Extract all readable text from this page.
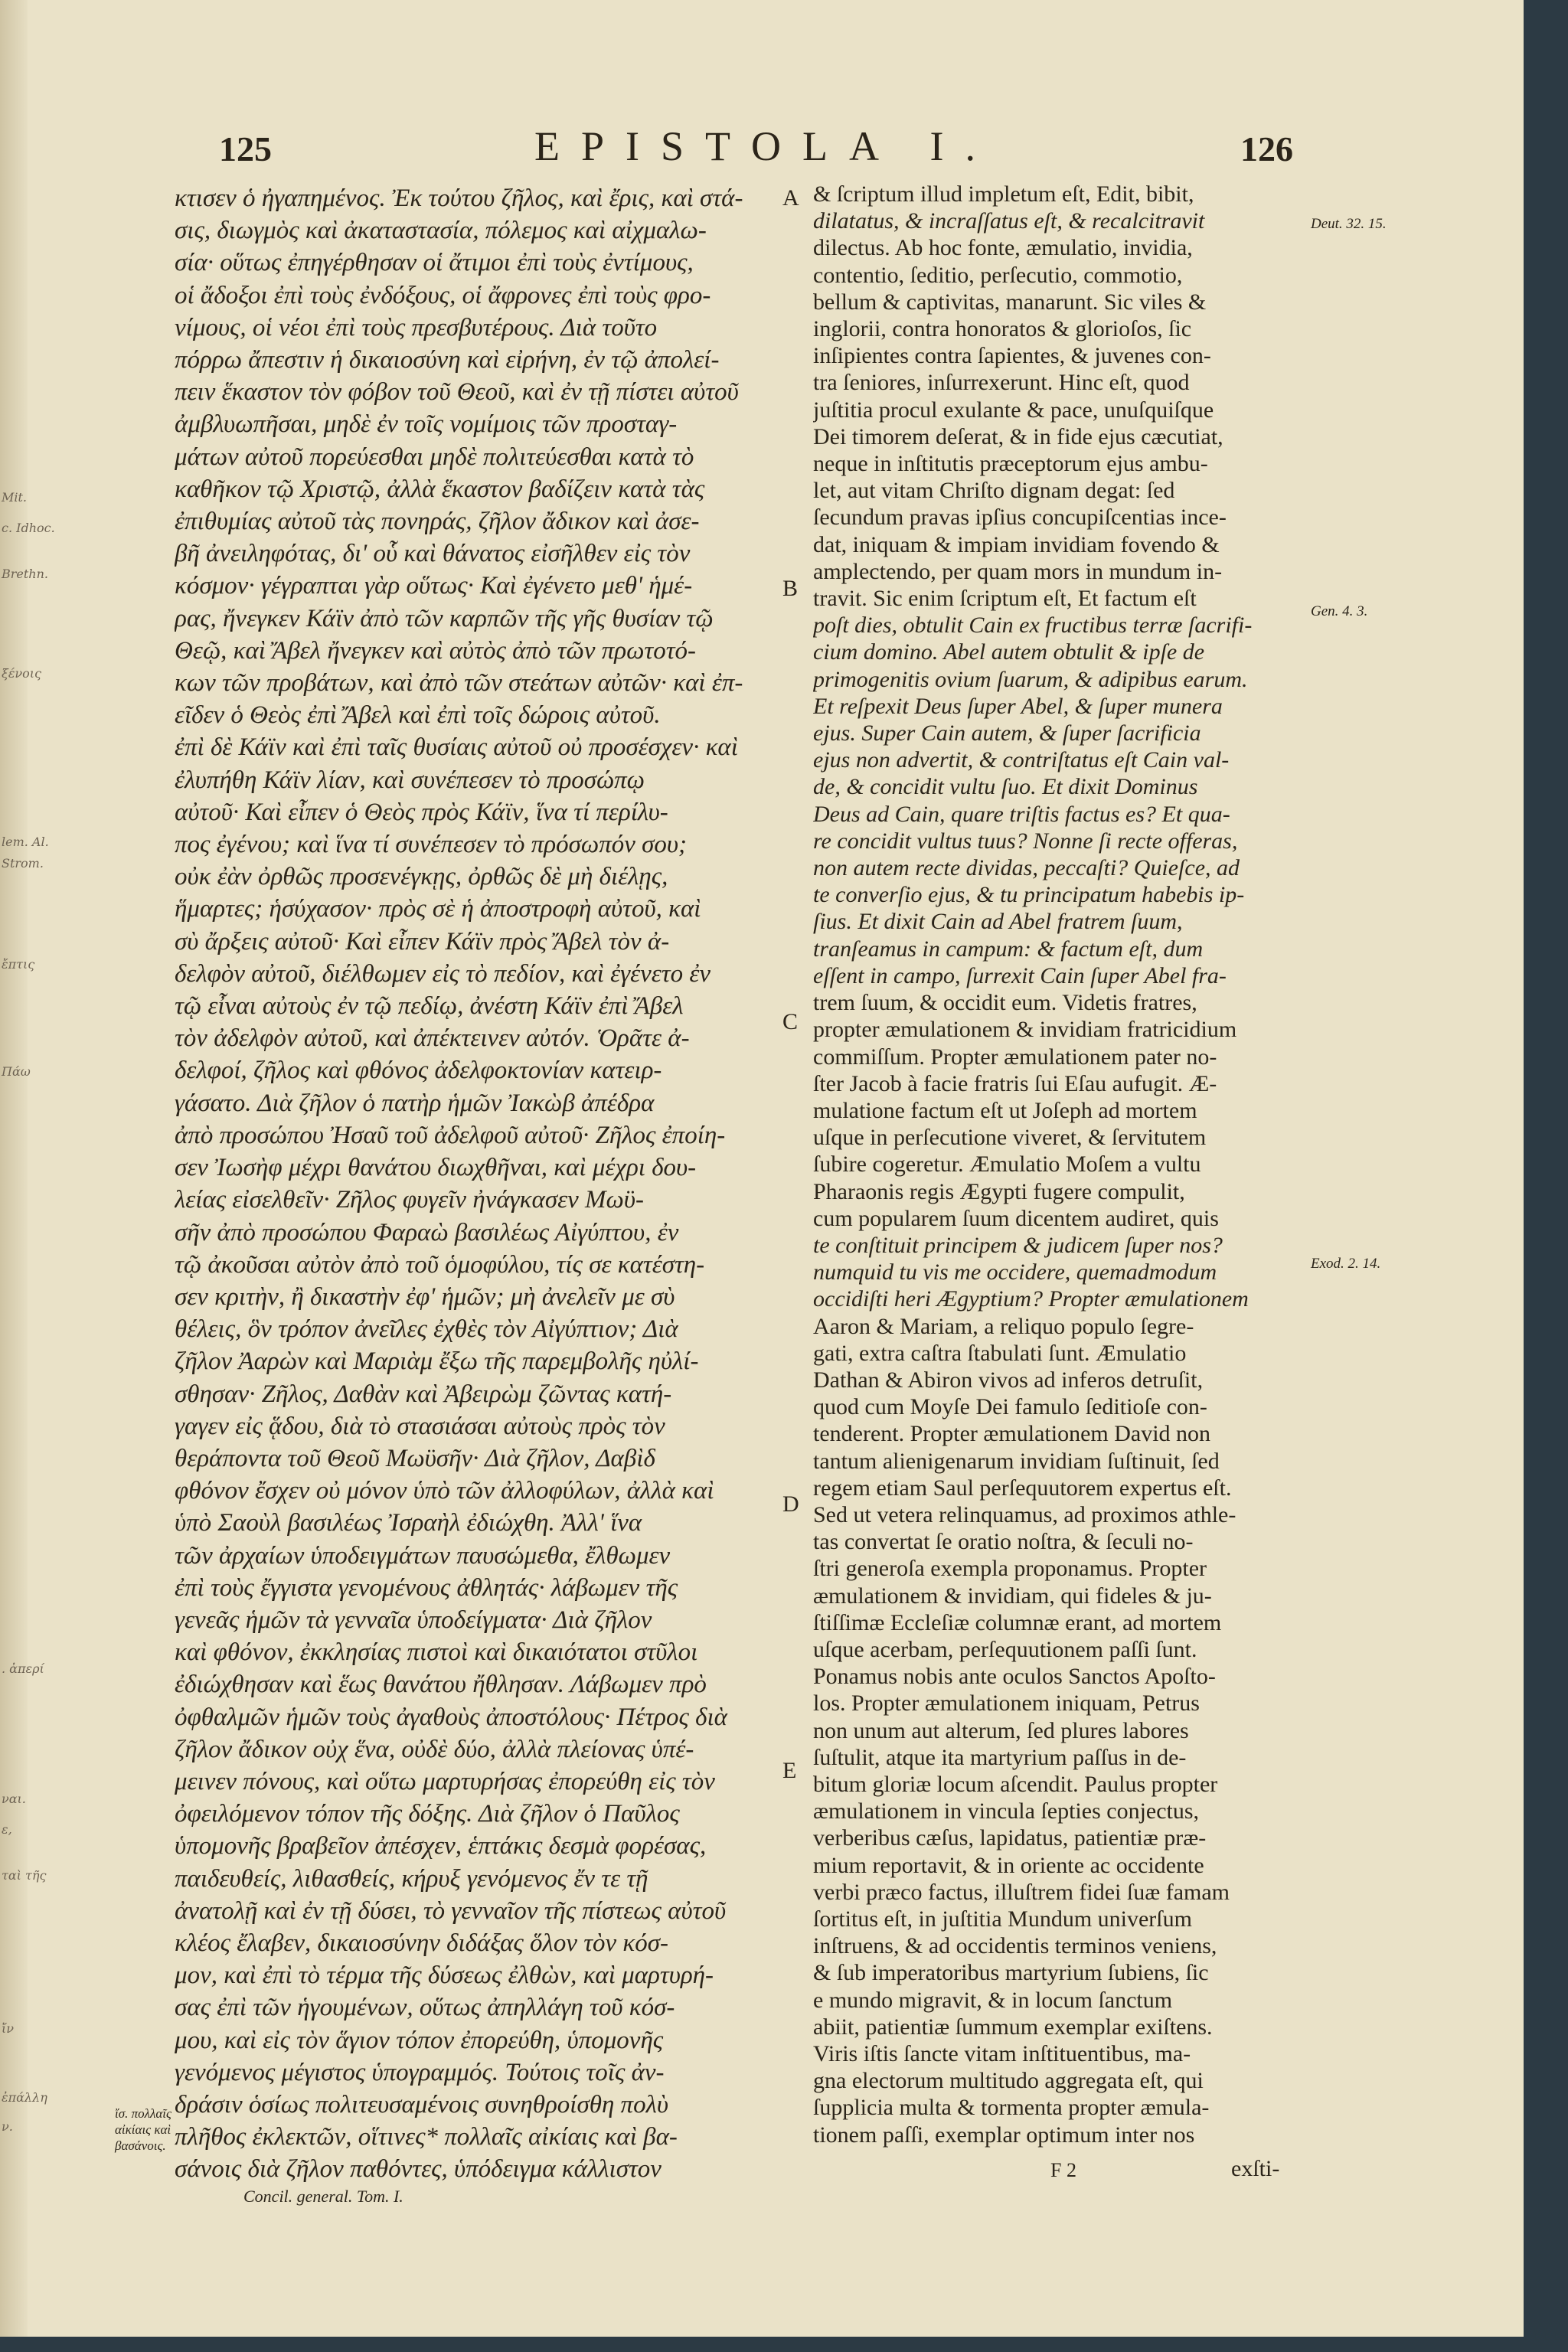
Mit.
c. Idhoc.
Brethn.
ξένοις
lem. Al.
Strom.
ἔπτις
Πάω
. ἀπερί
ναι.
ε,
ταὶ τῆς
ἴν
ἐπάλλη
ν.
125	EPISTOLA I.	126
κτισεν ὁ ἠγαπημένος. Ἐκ τούτου ζῆλος, καὶ ἔρις, καὶ στά-
σις, διωγμὸς καὶ ἀκαταστασία, πόλεμος καὶ αἰχμαλω-
σία· οὕτως ἐπηγέρθησαν οἱ ἄτιμοι ἐπὶ τοὺς ἐντίμους,
οἱ ἄδοξοι ἐπὶ τοὺς ἐνδόξους, οἱ ἄφρονες ἐπὶ τοὺς φρο-
νίμους, οἱ νέοι ἐπὶ τοὺς πρεσβυτέρους. Διὰ τοῦτο
πόρρω ἄπεστιν ἡ δικαιοσύνη καὶ εἰρήνη, ἐν τῷ ἀπολεί-
πειν ἕκαστον τὸν φόβον τοῦ Θεοῦ, καὶ ἐν τῇ πίστει αὐτοῦ
ἀμβλυωπῆσαι, μηδὲ ἐν τοῖς νομίμοις τῶν προσταγ-
μάτων αὐτοῦ πορεύεσθαι μηδὲ πολιτεύεσθαι κατὰ τὸ
καθῆκον τῷ Χριστῷ, ἀλλὰ ἕκαστον βαδίζειν κατὰ τὰς
ἐπιθυμίας αὐτοῦ τὰς πονηράς, ζῆλον ἄδικον καὶ ἀσε-
βῆ ἀνειληφότας, δι' οὗ καὶ θάνατος εἰσῆλθεν εἰς τὸν
κόσμον· γέγραπται γὰρ οὕτως· Καὶ ἐγένετο μεθ' ἡμέ-
ρας, ἤνεγκεν Κάϊν ἀπὸ τῶν καρπῶν τῆς γῆς θυσίαν τῷ
Θεῷ, καὶ Ἄβελ ἤνεγκεν καὶ αὐτὸς ἀπὸ τῶν πρωτοτό-
κων τῶν προβάτων, καὶ ἀπὸ τῶν στεάτων αὐτῶν· καὶ ἐπ-
εῖδεν ὁ Θεὸς ἐπὶ Ἄβελ καὶ ἐπὶ τοῖς δώροις αὐτοῦ.
ἐπὶ δὲ Κάϊν καὶ ἐπὶ ταῖς θυσίαις αὐτοῦ οὐ προσέσχεν· καὶ
ἐλυπήθη Κάϊν λίαν, καὶ συνέπεσεν τὸ προσώπῳ
αὐτοῦ· Καὶ εἶπεν ὁ Θεὸς πρὸς Κάϊν, ἵνα τί περίλυ-
πος ἐγένου; καὶ ἵνα τί συνέπεσεν τὸ πρόσωπόν σου;
οὐκ ἐὰν ὀρθῶς προσενέγκῃς, ὀρθῶς δὲ μὴ διέλῃς,
ἥμαρτες; ἡσύχασον· πρὸς σὲ ἡ ἀποστροφὴ αὐτοῦ, καὶ
σὺ ἄρξεις αὐτοῦ· Καὶ εἶπεν Κάϊν πρὸς Ἄβελ τὸν ἀ-
δελφὸν αὐτοῦ, διέλθωμεν εἰς τὸ πεδίον, καὶ ἐγένετο ἐν
τῷ εἶναι αὐτοὺς ἐν τῷ πεδίῳ, ἀνέστη Κάϊν ἐπὶ Ἄβελ
τὸν ἀδελφὸν αὐτοῦ, καὶ ἀπέκτεινεν αὐτόν. Ὁρᾶτε ἀ-
δελφοί, ζῆλος καὶ φθόνος ἀδελφοκτονίαν κατειρ-
γάσατο. Διὰ ζῆλον ὁ πατὴρ ἡμῶν Ἰακὼβ ἀπέδρα
ἀπὸ προσώπου Ἠσαῦ τοῦ ἀδελφοῦ αὐτοῦ· Ζῆλος ἐποίη-
σεν Ἰωσὴφ μέχρι θανάτου διωχθῆναι, καὶ μέχρι δου-
λείας εἰσελθεῖν· Ζῆλος φυγεῖν ἠνάγκασεν Μωϋ-
σῆν ἀπὸ προσώπου Φαραὼ βασιλέως Αἰγύπτου, ἐν
τῷ ἀκοῦσαι αὐτὸν ἀπὸ τοῦ ὁμοφύλου, τίς σε κατέστη-
σεν κριτὴν, ἢ δικαστὴν ἐφ' ἡμῶν; μὴ ἀνελεῖν με σὺ
θέλεις, ὃν τρόπον ἀνεῖλες ἐχθὲς τὸν Αἰγύπτιον; Διὰ
ζῆλον Ἀαρὼν καὶ Μαριὰμ ἔξω τῆς παρεμβολῆς ηὐλί-
σθησαν· Ζῆλος, Δαθὰν καὶ Ἀβειρὼμ ζῶντας κατή-
γαγεν εἰς ᾅδου, διὰ τὸ στασιάσαι αὐτοὺς πρὸς τὸν
θεράποντα τοῦ Θεοῦ Μωϋσῆν· Διὰ ζῆλον, Δαβὶδ
φθόνον ἔσχεν οὐ μόνον ὑπὸ τῶν ἀλλοφύλων, ἀλλὰ καὶ
ὑπὸ Σαοὺλ βασιλέως Ἰσραὴλ ἐδιώχθη. Ἀλλ' ἵνα
τῶν ἀρχαίων ὑποδειγμάτων παυσώμεθα, ἔλθωμεν
ἐπὶ τοὺς ἔγγιστα γενομένους ἀθλητάς· λάβωμεν τῆς
γενεᾶς ἡμῶν τὰ γενναῖα ὑποδείγματα· Διὰ ζῆλον
καὶ φθόνον, ἐκκλησίας πιστοὶ καὶ δικαιότατοι στῦλοι
ἐδιώχθησαν καὶ ἕως θανάτου ἤθλησαν. Λάβωμεν πρὸ
ὀφθαλμῶν ἡμῶν τοὺς ἀγαθοὺς ἀποστόλους· Πέτρος διὰ
ζῆλον ἄδικον οὐχ ἕνα, οὐδὲ δύο, ἀλλὰ πλείονας ὑπέ-
μεινεν πόνους, καὶ οὕτω μαρτυρήσας ἐπορεύθη εἰς τὸν
ὀφειλόμενον τόπον τῆς δόξης. Διὰ ζῆλον ὁ Παῦλος
ὑπομονῆς βραβεῖον ἀπέσχεν, ἑπτάκις δεσμὰ φορέσας,
παιδευθείς, λιθασθείς, κήρυξ γενόμενος ἔν τε τῇ
ἀνατολῇ καὶ ἐν τῇ δύσει, τὸ γενναῖον τῆς πίστεως αὐτοῦ
κλέος ἔλαβεν, δικαιοσύνην διδάξας ὅλον τὸν κόσ-
μον, καὶ ἐπὶ τὸ τέρμα τῆς δύσεως ἐλθὼν, καὶ μαρτυρή-
σας ἐπὶ τῶν ἡγουμένων, οὕτως ἀπηλλάγη τοῦ κόσ-
μου, καὶ εἰς τὸν ἅγιον τόπον ἐπορεύθη, ὑπομονῆς
γενόμενος μέγιστος ὑπογραμμός. Τούτοις τοῖς ἀν-
δράσιν ὁσίως πολιτευσαμένοις συνηθροίσθη πολὺ
πλῆθος ἐκλεκτῶν, οἵτινες* πολλαῖς αἰκίαις καὶ βα-
σάνοις διὰ ζῆλον παθόντες, ὑπόδειγμα κάλλιστον
& ſcriptum illud impletum eſt, Edit, bibit,
dilatatus, & incraſſatus eſt, & recalcitravit
dilectus. Ab hoc fonte, æmulatio, invidia,
contentio, ſeditio, perſecutio, commotio,
bellum & captivitas, manarunt. Sic viles &
inglorii, contra honoratos & glorioſos, ſic
inſipientes contra ſapientes, & juvenes con-
tra ſeniores, inſurrexerunt. Hinc eſt, quod
juſtitia procul exulante & pace, unuſquiſque
Dei timorem deſerat, & in fide ejus cæcutiat,
neque in inſtitutis præceptorum ejus ambu-
let, aut vitam Chriſto dignam degat: ſed
ſecundum pravas ipſius concupiſcentias ince-
dat, iniquam & impiam invidiam fovendo &
amplectendo, per quam mors in mundum in-
travit. Sic enim ſcriptum eſt, Et factum eſt
poſt dies, obtulit Cain ex fructibus terræ ſacrifi-
cium domino. Abel autem obtulit & ipſe de
primogenitis ovium ſuarum, & adipibus earum.
Et reſpexit Deus ſuper Abel, & ſuper munera
ejus. Super Cain autem, & ſuper ſacrificia
ejus non advertit, & contriſtatus eſt Cain val-
de, & concidit vultu ſuo. Et dixit Dominus
Deus ad Cain, quare triſtis factus es? Et qua-
re concidit vultus tuus? Nonne ſi recte offeras,
non autem recte dividas, peccaſti? Quieſce, ad
te converſio ejus, & tu principatum habebis ip-
ſius. Et dixit Cain ad Abel fratrem ſuum,
tranſeamus in campum: & factum eſt, dum
eſſent in campo, ſurrexit Cain ſuper Abel fra-
trem ſuum, & occidit eum. Videtis fratres,
propter æmulationem & invidiam fratricidium
commiſſum. Propter æmulationem pater no-
ſter Jacob à facie fratris ſui Eſau aufugit. Æ-
mulatione factum eſt ut Joſeph ad mortem
uſque in perſecutione viveret, & ſervitutem
ſubire cogeretur. Æmulatio Moſem a vultu
Pharaonis regis Ægypti fugere compulit,
cum popularem ſuum dicentem audiret, quis
te conſtituit principem & judicem ſuper nos?
numquid tu vis me occidere, quemadmodum
occidiſti heri Ægyptium? Propter æmulationem
Aaron & Mariam, a reliquo populo ſegre-
gati, extra caſtra ſtabulati ſunt. Æmulatio
Dathan & Abiron vivos ad inferos detruſit,
quod cum Moyſe Dei famulo ſeditioſe con-
tenderent. Propter æmulationem David non
tantum alienigenarum invidiam ſuſtinuit, ſed
regem etiam Saul perſequutorem expertus eſt.
Sed ut vetera relinquamus, ad proximos athle-
tas convertat ſe oratio noſtra, & ſeculi no-
ſtri generoſa exempla proponamus. Propter
æmulationem & invidiam, qui fideles & ju-
ſtiſſimæ Eccleſiæ columnæ erant, ad mortem
uſque acerbam, perſequutionem paſſi ſunt.
Ponamus nobis ante oculos Sanctos Apoſto-
los. Propter æmulationem iniquam, Petrus
non unum aut alterum, ſed plures labores
ſuſtulit, atque ita martyrium paſſus in de-
bitum gloriæ locum aſcendit. Paulus propter
æmulationem in vincula ſepties conjectus,
verberibus cæſus, lapidatus, patientiæ præ-
mium reportavit, & in oriente ac occidente
verbi præco factus, illuſtrem fidei ſuæ famam
ſortitus eſt, in juſtitia Mundum univerſum
inſtruens, & ad occidentis terminos veniens,
& ſub imperatoribus martyrium ſubiens, ſic
e mundo migravit, & in locum ſanctum
abiit, patientiæ ſummum exemplar exiſtens.
Viris iſtis ſancte vitam inſtituentibus, ma-
gna electorum multitudo aggregata eſt, qui
ſupplicia multa & tormenta propter æmula-
tionem paſſi, exemplar optimum inter nos
A
B
C
D
E
Deut. 32. 15.
Gen. 4. 3.
Exod. 2. 14.
ἴσ. πολλαῖς αἰκίαις καὶ βασάνοις.
Concil. general. Tom. I.
F 2	exſti-
